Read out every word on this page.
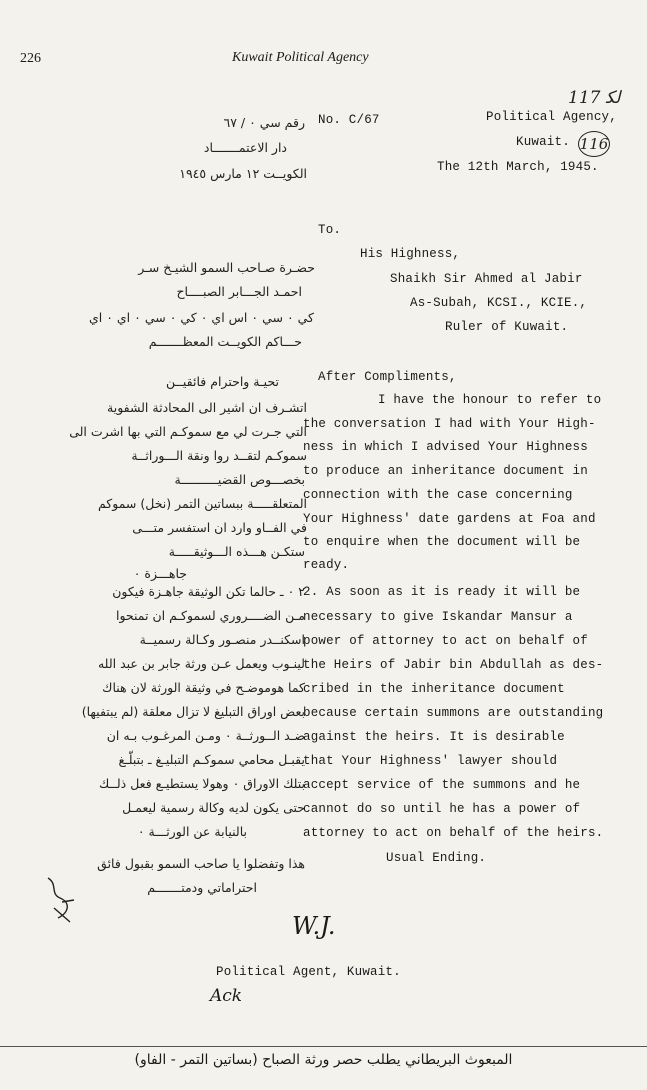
226	Kuwait Political Agency
ﻟﻜ 117
116
رقم سي ٠ / ٦٧
دار الاعتمـــــــاد
الكويــت ١٢ مارس ١٩٤٥
No. C/67	Political Agency,
Kuwait.
The 12th March, 1945.
To.
His Highness,
Shaikh Sir Ahmed al Jabir
As-Subah, KCSI., KCIE.,
Ruler of Kuwait.
حضـرة صـاحب السمو الشيـخ سـر
احمـد الجـــابر الصبــــاح
كي ٠ سي ٠ اس اي ٠ كي ٠ سي ٠ اي ٠ اي
حـــاكم الكويــت المعظـــــــم
تحيـة واحترام فائقيــن	After Compliments,
I have the honour to refer to
the conversation I had with Your High-
ness in which I advised Your Highness
to produce an inheritance document in
connection with the case concerning
Your Highness' date gardens at Foa and
to enquire when the document will be
ready.
اتشـرف ان اشير الى المحادثة الشفوية
التي جـرت لي مع سموكـم التي بها اشرت الى
سموكـم لتقــد روا ونقة الـــوراثــة
بخصـــوص القضيــــــــــة
المتعلقـــــة ببساتين التمر (نخل) سموكم
في الفــاو وارد ان استفسر متـــى
ستكـن هـــذه الـــوثيقـــــة
جاهـــزة ٠
2. As soon as it is ready it will be
necessary to give Iskandar Mansur a
power of attorney to act on behalf of
the Heirs of Jabir bin Abdullah as des-
cribed in the inheritance document
because certain summons are outstanding
against the heirs. It is desirable
that Your Highness' lawyer should
accept service of the summons and he
cannot do so until he has a power of
attorney to act on behalf of the heirs.
٢ ٠ ـ حالما تكن الوثيقة جاهـزة فيكون
مـن الضــــروري لسموكـم ان تمنحوا
اسكنــدر منصـور وكـالة رسميــة
لينـوب ويعمل عـن ورثة جابر بن عبد الله
كما هوموضـح في وثيقة الورثة لان هناك
بعض اوراق التبليغ لا تزال معلقة (لم يبتفيها)
ضـد الــورثــة ٠ ومـن المرغـوب بـه ان
يقبـل محامي سموكـم التبليـغ ـ بتبلّـغ
بتلك الاوراق ٠ وهولا يستطيـع فعل ذلــك
حتى يكون لديه وكالة رسمية ليعمـل
بالنيابة عن الورثـــة ٠
Usual Ending.
هذا وتفضلوا يا صاحب السمو بقبول فائق
احتراماتي ودمتـــــــم
W.J.
Political Agent, Kuwait.
Ack
المبعوث البريطاني يطلب حصر ورثة الصباح (بساتين التمر - الفاو)
